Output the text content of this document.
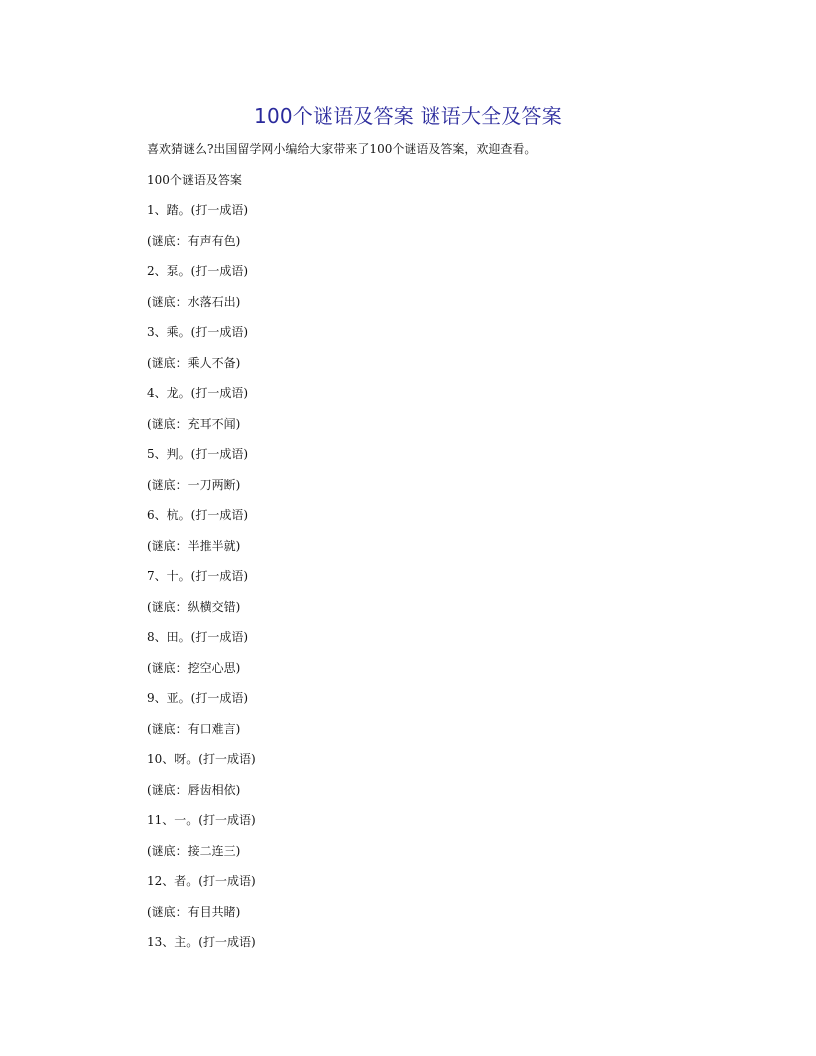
100个谜语及答案 谜语大全及答案
喜欢猜谜么?出国留学网小编给大家带来了100个谜语及答案，欢迎查看。
100个谜语及答案
1、踏。(打一成语)
(谜底：有声有色)
2、泵。(打一成语)
(谜底：水落石出)
3、乘。(打一成语)
(谜底：乘人不备)
4、龙。(打一成语)
(谜底：充耳不闻)
5、判。(打一成语)
(谜底：一刀两断)
6、杭。(打一成语)
(谜底：半推半就)
7、十。(打一成语)
(谜底：纵横交错)
8、田。(打一成语)
(谜底：挖空心思)
9、亚。(打一成语)
(谜底：有口难言)
10、呀。(打一成语)
(谜底：唇齿相依)
11、一。(打一成语)
(谜底：接二连三)
12、者。(打一成语)
(谜底：有目共睹)
13、主。(打一成语)
